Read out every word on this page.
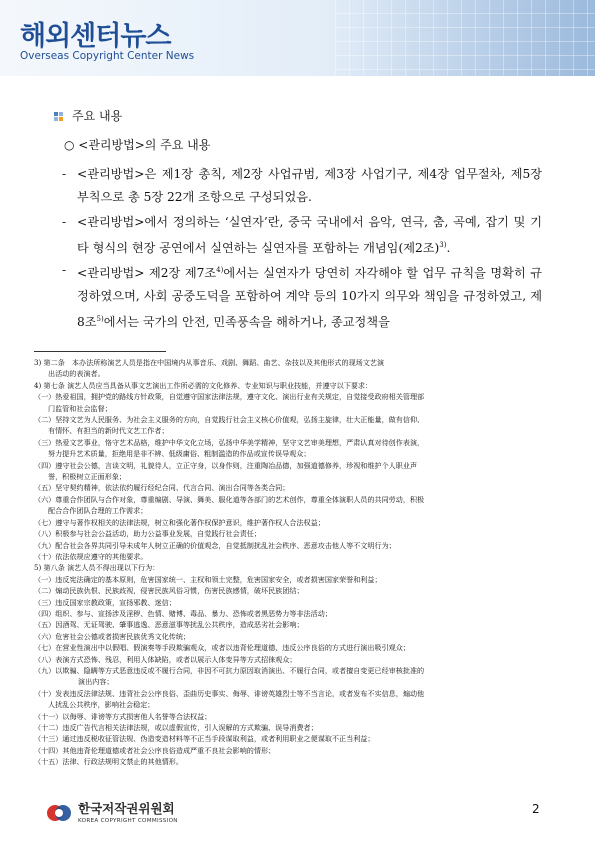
해외센터뉴스
Overseas Copyright Center News
주요 내용
○ <관리방법>의 주요 내용
- <관리방법>은 제1장 총칙, 제2장 사업규범, 제3장 사업기구, 제4장 업무절차, 제5장 부칙으로 총 5장 22개 조항으로 구성되었음.
- <관리방법>에서 정의하는 ‘실연자’란, 중국 국내에서 음악, 연극, 춤, 곡예, 잡기 및 기타 형식의 현장 공연에서 실연하는 실연자를 포함하는 개념임(제2조)$^{3)}$.
- <관리방법> 제2장 제7조$^{4)}$에서는 실연자가 당연히 자각해야 할 업무 규칙을 명확히 규정하였으며, 사회 공중도덕을 포함하여 계약 등의 10가지 의무와 책임을 규정하였고, 제8조$^{5)}$에서는 국가의 안전, 민족풍속을 해하거나, 종교정책을
3) 第二条　本办法所称演艺人员是指在中国境内从事音乐、戏剧、舞蹈、曲艺、杂技以及其他形式的现场文艺演
出活动的表演者。
4) 第七条 演艺人员应当具备从事文艺演出工作所必需的文化修养、专业知识与职业技能，并遵守以下要求：
（一）热爱祖国，拥护党的路线方针政策，自觉遵守国家法律法规，遵守文化、演出行业有关规定，自觉接受政府相关管理部
门监管和社会监督；
（二）坚持文艺为人民服务、为社会主义服务的方向，自觉践行社会主义核心价值观，弘扬主旋律，壮大正能量，做有信仰、
有情怀、有担当的新时代文艺工作者；
（三）热爱文艺事业，恪守艺术品格，维护中华文化立场，弘扬中华美学精神，坚守文艺审美理想，严肃认真对待创作表演，
努力提升艺术质量，拒绝用是非不辨、低级庸俗、粗制滥造的作品或宣传误导观众；
（四）遵守社会公德，言谈文明，礼貌待人，立正守身，以身作则，注重陶冶品德，加强道德修养，珍视和维护个人职业声
誉，积极树立正面形象；
（五）坚守契约精神，依法依约履行经纪合同、代言合同、演出合同等各类合同；
（六）尊重合作团队与合作对象，尊重编剧、导演、舞美、服化道等各部门的艺术创作，尊重全体演职人员的共同劳动，积极
配合合作团队合理的工作需求；
（七）遵守与著作权相关的法律法规，树立和强化著作权保护意识，维护著作权人合法权益；
（八）积极参与社会公益活动，助力公益事业发展，自觉践行社会责任；
（九）配合社会各界共同引导未成年人树立正确的价值观念，自觉抵制扰乱社会秩序、恶意攻击他人等不文明行为；
（十）依法依规应遵守的其他要求。
5) 第八条 演艺人员不得出现以下行为：
（一）违反宪法确定的基本原则，危害国家统一、主权和领土完整，危害国家安全，或者损害国家荣誉和利益；
（二）煽动民族仇恨、民族歧视，侵害民族风俗习惯，伤害民族感情，破坏民族团结；
（三）违反国家宗教政策，宣扬邪教、迷信；
（四）组织、参与、宣扬涉及淫秽、色情、赌博、毒品、暴力、恐怖或者黑恶势力等非法活动；
（五）因酒驾、无证驾驶、肇事逃逸、恶意滋事等扰乱公共秩序，造成恶劣社会影响；
（六）危害社会公德或者损害民族优秀文化传统；
（七）在营业性演出中以假唱、假演奏等手段欺骗观众，或者以违背伦理道德、违反公序良俗的方式进行演出吸引观众；
（八）表演方式恐怖、残忍，利用人体缺陷，或者以展示人体变异等方式招徕观众；
（九）以欺骗、隐瞒等方式恶意违反或不履行合同，非因不可抗力原因取消演出、不履行合同，或者擅自变更已经审核批准的
演出内容；
（十）发表违反法律法规、违背社会公序良俗、歪曲历史事实、侮辱、诽谤英雄烈士等不当言论，或者发布不实信息，煽动他
人扰乱公共秩序，影响社会稳定；
（十一）以侮辱、诽谤等方式损害他人名誉等合法权益；
（十二）违反广告代言相关法律法规，或以虚假宣传，引人误解的方式欺骗、误导消费者；
（十三）通过违反税收征管法规、伪造变造材料等不正当手段谋取利益，或者利用职业之便谋取不正当利益；
（十四）其他违背伦理道德或者社会公序良俗造成严重不良社会影响的情形；
（十五）法律、行政法规明文禁止的其他情形。
한국저작권위원회
KOREA COPYRIGHT COMMISSION
2
